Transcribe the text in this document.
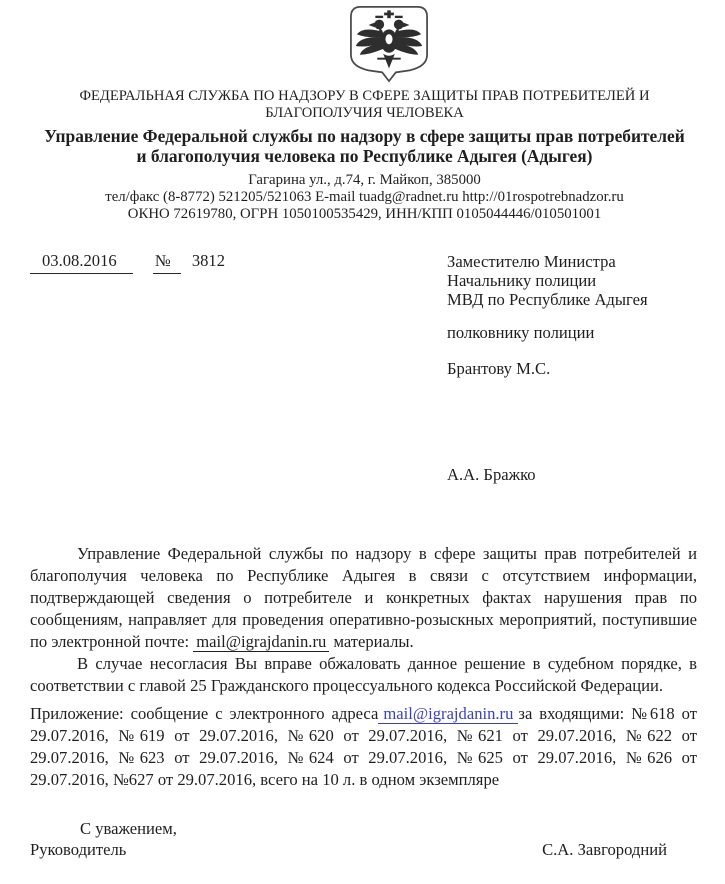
ФЕДЕРАЛЬНАЯ СЛУЖБА ПО НАДЗОРУ В СФЕРЕ ЗАЩИТЫ ПРАВ ПОТРЕБИТЕЛЕЙ И БЛАГОПОЛУЧИЯ ЧЕЛОВЕКА
Управление Федеральной службы по надзору в сфере защиты прав потребителей и благополучия человека по Республике Адыгея (Адыгея)
Гагарина ул., д.74, г. Майкоп, 385000
тел/факс (8-8772) 521205/521063 E-mail tuadg@radnet.ru http://01rospotrebnadzor.ru
ОКНО 72619780, ОГРН 1050100535429, ИНН/КПП 0105044446/010501001
03.08.2016 № 3812	Заместителю Министра
Начальнику полиции
МВД по Республике Адыгея
полковнику полиции
Брантову М.С.
А.А. Бражко

Управление Федеральной службы по надзору в сфере защиты прав потребителей и благополучия человека по Республике Адыгея в связи с отсутствием информации, подтверждающей сведения о потребителе и конкретных фактах нарушения прав по сообщениям, направляет для проведения оперативно-розыскных мероприятий, поступившие по электронной почте: mail@igrajdanin.ru материалы.

В случае несогласия Вы вправе обжаловать данное решение в судебном порядке, в соответствии с главой 25 Гражданского процессуального кодекса Российской Федерации.

Приложение: сообщение с электронного адреса mail@igrajdanin.ru за входящими: №618 от 29.07.2016, №619 от 29.07.2016, №620 от 29.07.2016, №621 от 29.07.2016, №622 от 29.07.2016, №623 от 29.07.2016, №624 от 29.07.2016, №625 от 29.07.2016, №626 от 29.07.2016, №627 от 29.07.2016, всего на 10 л. в одном экземпляре
С уважением,
Руководитель	С.А. Завгородний
